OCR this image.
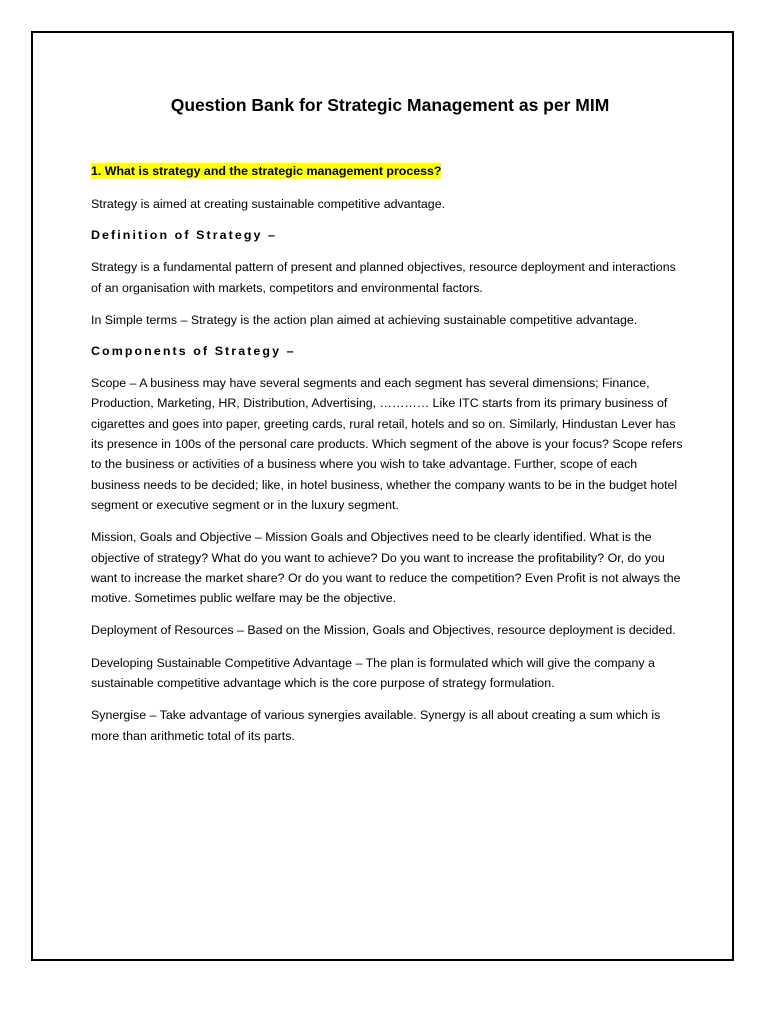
Question Bank for Strategic Management as per MIM

1. What is strategy and the strategic management process?

Strategy is aimed at creating sustainable competitive advantage.

Definition of Strategy –

Strategy is a fundamental pattern of present and planned objectives, resource deployment and interactions of an organisation with markets, competitors and environmental factors.

In Simple terms – Strategy is the action plan aimed at achieving sustainable competitive advantage.

Components of Strategy –

Scope – A business may have several segments and each segment has several dimensions; Finance, Production, Marketing, HR, Distribution, Advertising, ………… Like ITC starts from its primary business of cigarettes and goes into paper, greeting cards, rural retail, hotels and so on. Similarly, Hindustan Lever has its presence in 100s of the personal care products. Which segment of the above is your focus? Scope refers to the business or activities of a business where you wish to take advantage. Further, scope of each business needs to be decided; like, in hotel business, whether the company wants to be in the budget hotel segment or executive segment or in the luxury segment.

Mission, Goals and Objective – Mission Goals and Objectives need to be clearly identified. What is the objective of strategy? What do you want to achieve? Do you want to increase the profitability? Or, do you want to increase the market share? Or do you want to reduce the competition? Even Profit is not always the motive. Sometimes public welfare may be the objective.

Deployment of Resources – Based on the Mission, Goals and Objectives, resource deployment is decided.

Developing Sustainable Competitive Advantage – The plan is formulated which will give the company a sustainable competitive advantage which is the core purpose of strategy formulation.

Synergise – Take advantage of various synergies available. Synergy is all about creating a sum which is more than arithmetic total of its parts.
